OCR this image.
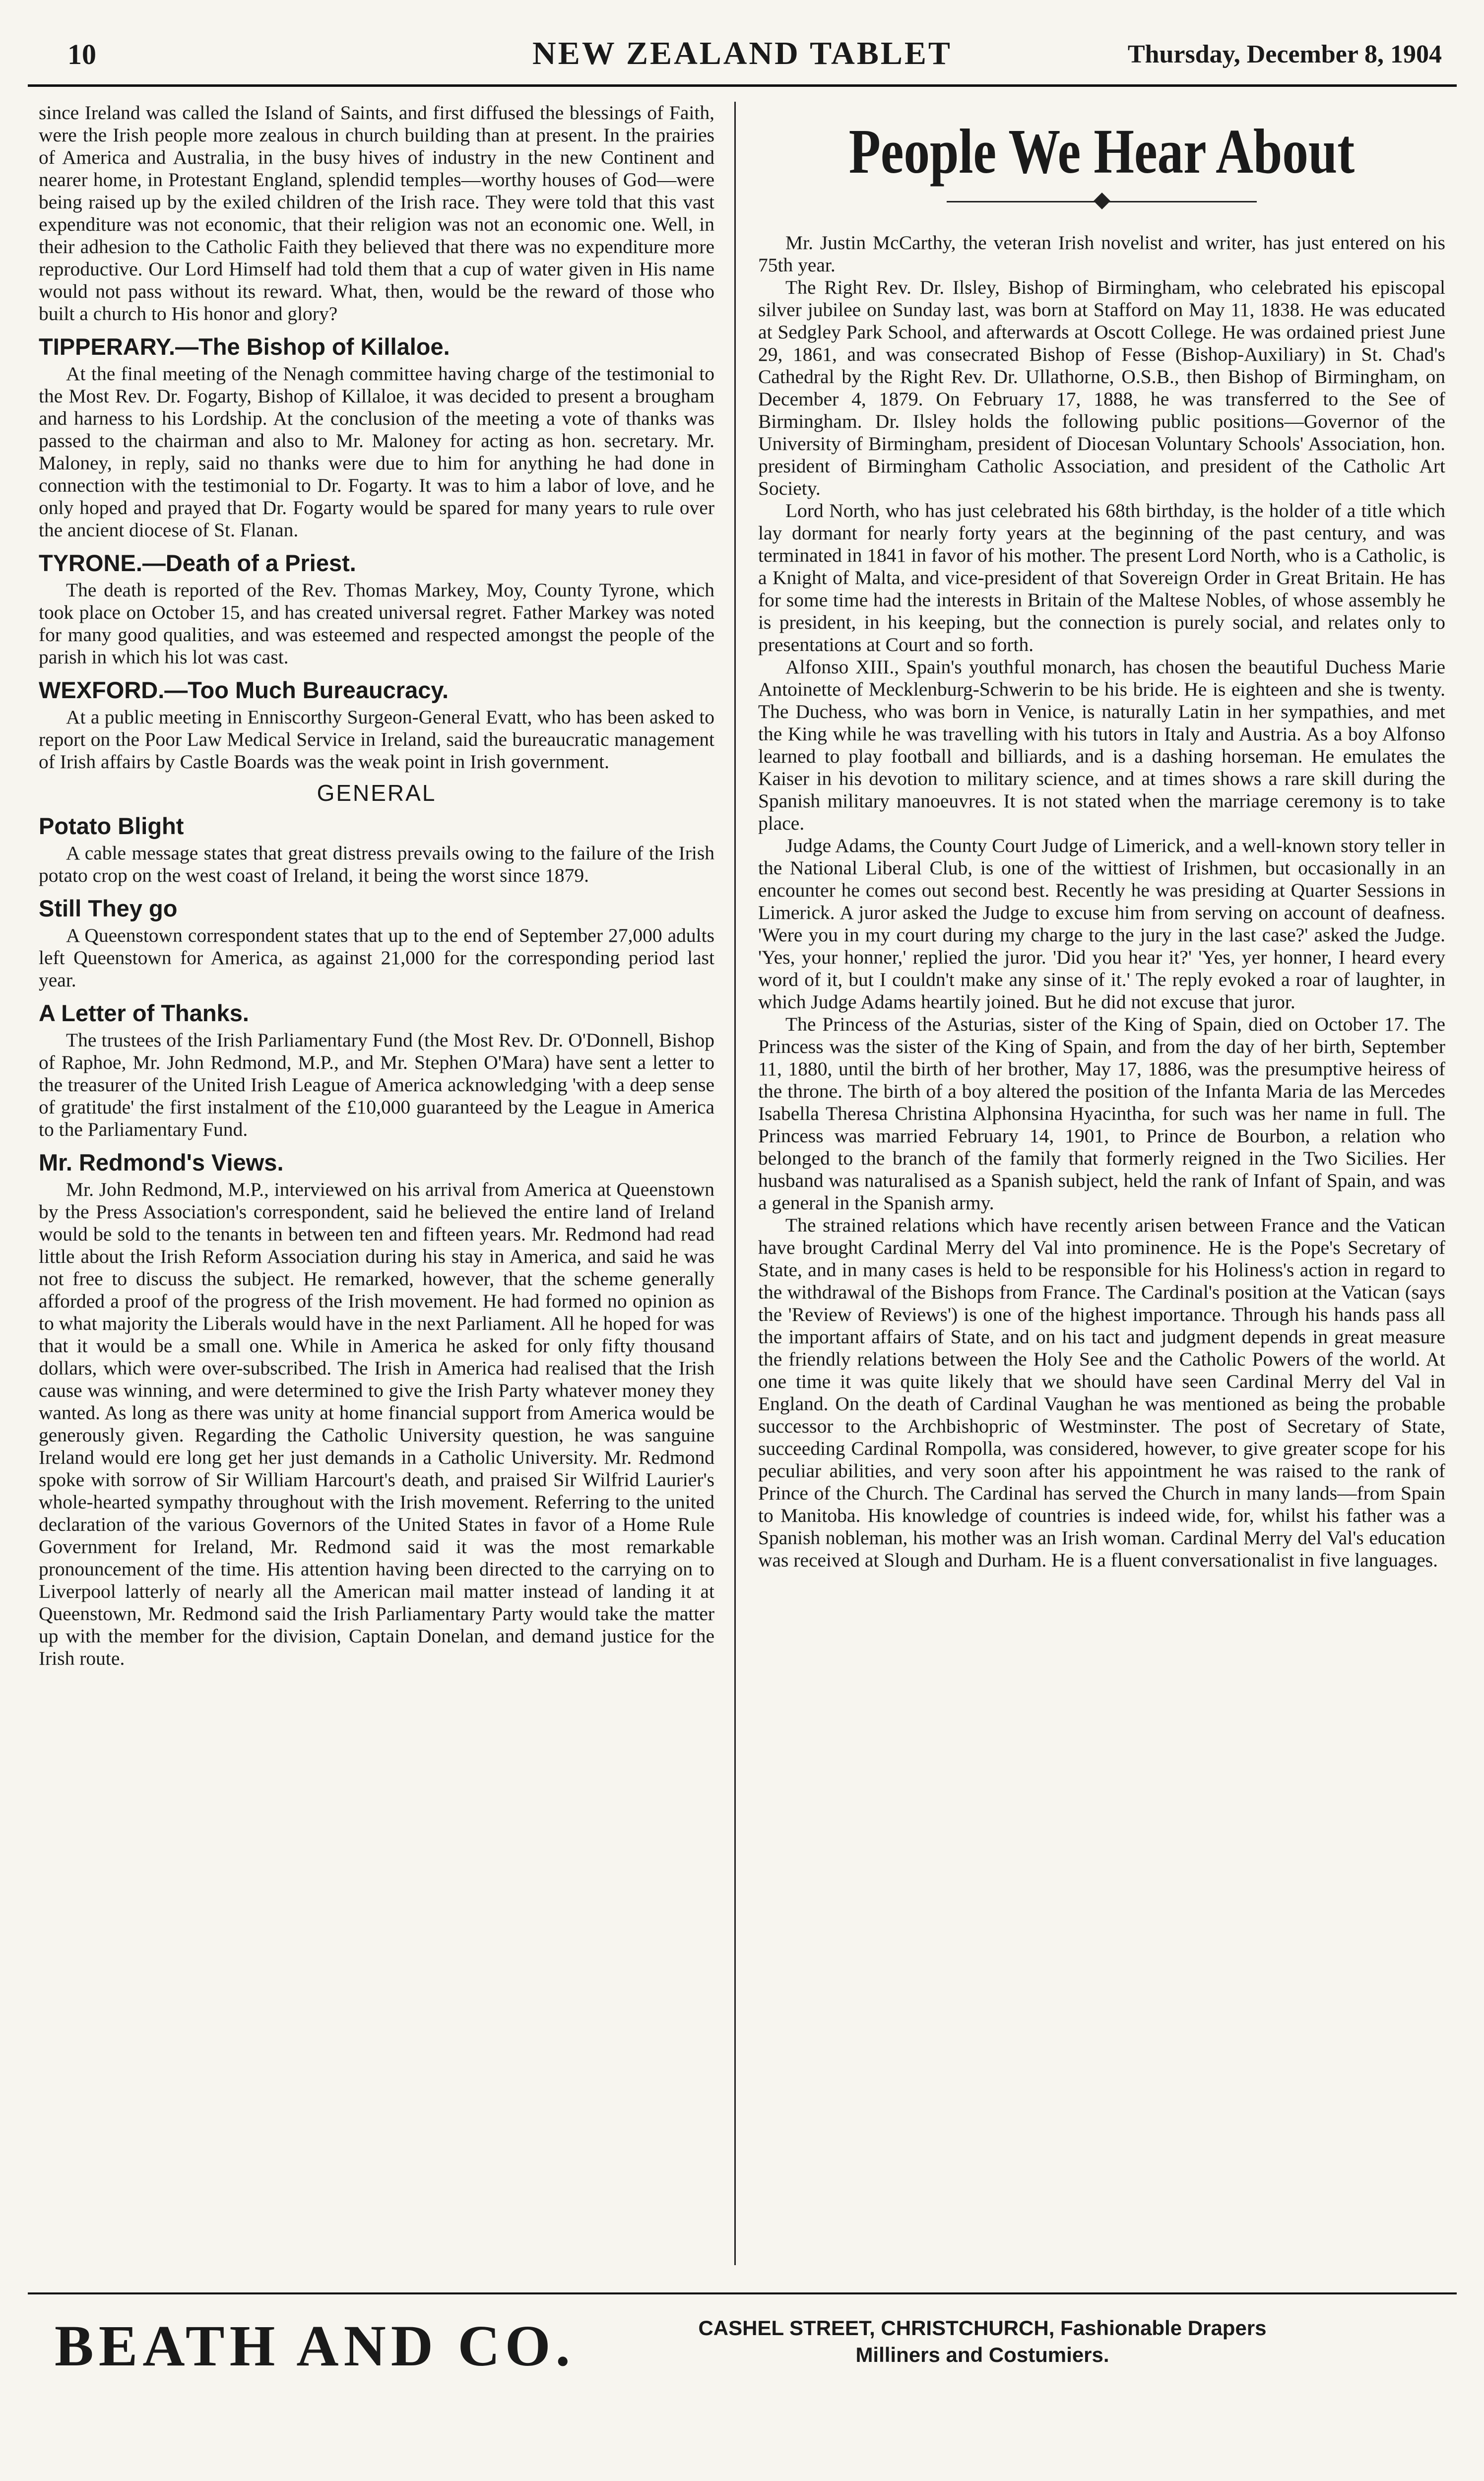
10	NEW ZEALAND TABLET	Thursday, December 8, 1904

since Ireland was called the Island of Saints, and first diffused the blessings of Faith, were the Irish people more zealous in church building than at present. In the prairies of America and Australia, in the busy hives of industry in the new Continent and nearer home, in Protestant England, splendid temples—worthy houses of God—were being raised up by the exiled children of the Irish race. They were told that this vast expenditure was not economic, that their religion was not an economic one. Well, in their adhesion to the Catholic Faith they believed that there was no expenditure more reproductive. Our Lord Himself had told them that a cup of water given in His name would not pass without its reward. What, then, would be the reward of those who built a church to His honor and glory?

TIPPERARY.—The Bishop of Killaloe.

At the final meeting of the Nenagh committee having charge of the testimonial to the Most Rev. Dr. Fogarty, Bishop of Killaloe, it was decided to present a brougham and harness to his Lordship. At the conclusion of the meeting a vote of thanks was passed to the chairman and also to Mr. Maloney for acting as hon. secretary. Mr. Maloney, in reply, said no thanks were due to him for anything he had done in connection with the testimonial to Dr. Fogarty. It was to him a labor of love, and he only hoped and prayed that Dr. Fogarty would be spared for many years to rule over the ancient diocese of St. Flanan.

TYRONE.—Death of a Priest.

The death is reported of the Rev. Thomas Markey, Moy, County Tyrone, which took place on October 15, and has created universal regret. Father Markey was noted for many good qualities, and was esteemed and respected amongst the people of the parish in which his lot was cast.

WEXFORD.—Too Much Bureaucracy.

At a public meeting in Enniscorthy Surgeon-General Evatt, who has been asked to report on the Poor Law Medical Service in Ireland, said the bureaucratic management of Irish affairs by Castle Boards was the weak point in Irish government.

GENERAL
Potato Blight

A cable message states that great distress prevails owing to the failure of the Irish potato crop on the west coast of Ireland, it being the worst since 1879.

Still They go

A Queenstown correspondent states that up to the end of September 27,000 adults left Queenstown for America, as against 21,000 for the corresponding period last year.

A Letter of Thanks.

The trustees of the Irish Parliamentary Fund (the Most Rev. Dr. O'Donnell, Bishop of Raphoe, Mr. John Redmond, M.P., and Mr. Stephen O'Mara) have sent a letter to the treasurer of the United Irish League of America acknowledging 'with a deep sense of gratitude' the first instalment of the £10,000 guaranteed by the League in America to the Parliamentary Fund.

Mr. Redmond's Views.

Mr. John Redmond, M.P., interviewed on his arrival from America at Queenstown by the Press Association's correspondent, said he believed the entire land of Ireland would be sold to the tenants in between ten and fifteen years. Mr. Redmond had read little about the Irish Reform Association during his stay in America, and said he was not free to discuss the subject. He remarked, however, that the scheme generally afforded a proof of the progress of the Irish movement. He had formed no opinion as to what majority the Liberals would have in the next Parliament. All he hoped for was that it would be a small one. While in America he asked for only fifty thousand dollars, which were over-subscribed. The Irish in America had realised that the Irish cause was winning, and were determined to give the Irish Party whatever money they wanted. As long as there was unity at home financial support from America would be generously given. Regarding the Catholic University question, he was sanguine Ireland would ere long get her just demands in a Catholic University. Mr. Redmond spoke with sorrow of Sir William Harcourt's death, and praised Sir Wilfrid Laurier's whole-hearted sympathy throughout with the Irish movement. Referring to the united declaration of the various Governors of the United States in favor of a Home Rule Government for Ireland, Mr. Redmond said it was the most remarkable pronouncement of the time. His attention having been directed to the carrying on to Liverpool latterly of nearly all the American mail matter instead of landing it at Queenstown, Mr. Redmond said the Irish Parliamentary Party would take the matter up with the member for the division, Captain Donelan, and demand justice for the Irish route.

People We Hear About

Mr. Justin McCarthy, the veteran Irish novelist and writer, has just entered on his 75th year.

The Right Rev. Dr. Ilsley, Bishop of Birmingham, who celebrated his episcopal silver jubilee on Sunday last, was born at Stafford on May 11, 1838. He was educated at Sedgley Park School, and afterwards at Oscott College. He was ordained priest June 29, 1861, and was consecrated Bishop of Fesse (Bishop-Auxiliary) in St. Chad's Cathedral by the Right Rev. Dr. Ullathorne, O.S.B., then Bishop of Birmingham, on December 4, 1879. On February 17, 1888, he was transferred to the See of Birmingham. Dr. Ilsley holds the following public positions—Governor of the University of Birmingham, president of Diocesan Voluntary Schools' Association, hon. president of Birmingham Catholic Association, and president of the Catholic Art Society.

Lord North, who has just celebrated his 68th birthday, is the holder of a title which lay dormant for nearly forty years at the beginning of the past century, and was terminated in 1841 in favor of his mother. The present Lord North, who is a Catholic, is a Knight of Malta, and vice-president of that Sovereign Order in Great Britain. He has for some time had the interests in Britain of the Maltese Nobles, of whose assembly he is president, in his keeping, but the connection is purely social, and relates only to presentations at Court and so forth.

Alfonso XIII., Spain's youthful monarch, has chosen the beautiful Duchess Marie Antoinette of Mecklenburg-Schwerin to be his bride. He is eighteen and she is twenty. The Duchess, who was born in Venice, is naturally Latin in her sympathies, and met the King while he was travelling with his tutors in Italy and Austria. As a boy Alfonso learned to play football and billiards, and is a dashing horseman. He emulates the Kaiser in his devotion to military science, and at times shows a rare skill during the Spanish military manoeuvres. It is not stated when the marriage ceremony is to take place.

Judge Adams, the County Court Judge of Limerick, and a well-known story teller in the National Liberal Club, is one of the wittiest of Irishmen, but occasionally in an encounter he comes out second best. Recently he was presiding at Quarter Sessions in Limerick. A juror asked the Judge to excuse him from serving on account of deafness. 'Were you in my court during my charge to the jury in the last case?' asked the Judge. 'Yes, your honner,' replied the juror. 'Did you hear it?' 'Yes, yer honner, I heard every word of it, but I couldn't make any sinse of it.' The reply evoked a roar of laughter, in which Judge Adams heartily joined. But he did not excuse that juror.

The Princess of the Asturias, sister of the King of Spain, died on October 17. The Princess was the sister of the King of Spain, and from the day of her birth, September 11, 1880, until the birth of her brother, May 17, 1886, was the presumptive heiress of the throne. The birth of a boy altered the position of the Infanta Maria de las Mercedes Isabella Theresa Christina Alphonsina Hyacintha, for such was her name in full. The Princess was married February 14, 1901, to Prince de Bourbon, a relation who belonged to the branch of the family that formerly reigned in the Two Sicilies. Her husband was naturalised as a Spanish subject, held the rank of Infant of Spain, and was a general in the Spanish army.

The strained relations which have recently arisen between France and the Vatican have brought Cardinal Merry del Val into prominence. He is the Pope's Secretary of State, and in many cases is held to be responsible for his Holiness's action in regard to the withdrawal of the Bishops from France. The Cardinal's position at the Vatican (says the 'Review of Reviews') is one of the highest importance. Through his hands pass all the important affairs of State, and on his tact and judgment depends in great measure the friendly relations between the Holy See and the Catholic Powers of the world. At one time it was quite likely that we should have seen Cardinal Merry del Val in England. On the death of Cardinal Vaughan he was mentioned as being the probable successor to the Archbishopric of Westminster. The post of Secretary of State, succeeding Cardinal Rompolla, was considered, however, to give greater scope for his peculiar abilities, and very soon after his appointment he was raised to the rank of Prince of the Church. The Cardinal has served the Church in many lands—from Spain to Manitoba. His knowledge of countries is indeed wide, for, whilst his father was a Spanish nobleman, his mother was an Irish woman. Cardinal Merry del Val's education was received at Slough and Durham. He is a fluent conversationalist in five languages.

BEATH AND CO.	CASHEL STREET, CHRISTCHURCH, Fashionable Drapers
Milliners and Costumiers.
